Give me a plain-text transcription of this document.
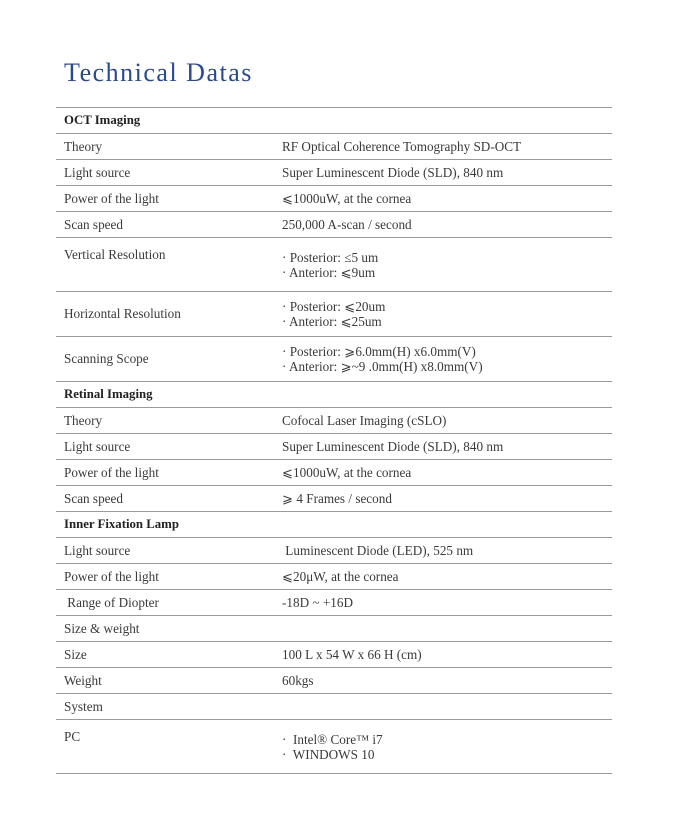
Technical Datas
OCT Imaging	
Theory	RF Optical Coherence Tomography SD-OCT
Light source	Super Luminescent Diode (SLD), 840 nm
Power of the light	⩽1000uW, at the cornea
Scan speed	250,000 A-scan / second
Vertical Resolution	· Posterior: ≤5 um
· Anterior: ⩽9um

Horizontal Resolution	· Posterior: ⩽20um
· Anterior: ⩽25um

Scanning Scope	· Posterior: ⩾6.0mm(H) x6.0mm(V)
· Anterior: ⩾~9 .0mm(H) x8.0mm(V)

Retinal Imaging	
Theory	Cofocal Laser Imaging (cSLO)
Light source	Super Luminescent Diode (SLD), 840 nm
Power of the light	⩽1000uW, at the cornea
Scan speed	⩾ 4 Frames / second
Inner Fixation Lamp	
Light source	Luminescent Diode (LED), 525 nm
Power of the light	⩽20μW, at the cornea
Range of Diopter	-18D ~ +16D
Size & weight	
Size	100 L x 54 W x 66 H (cm)
Weight	60kgs
System	
PC	·  Intel® Core™ i7
·  WINDOWS 10
